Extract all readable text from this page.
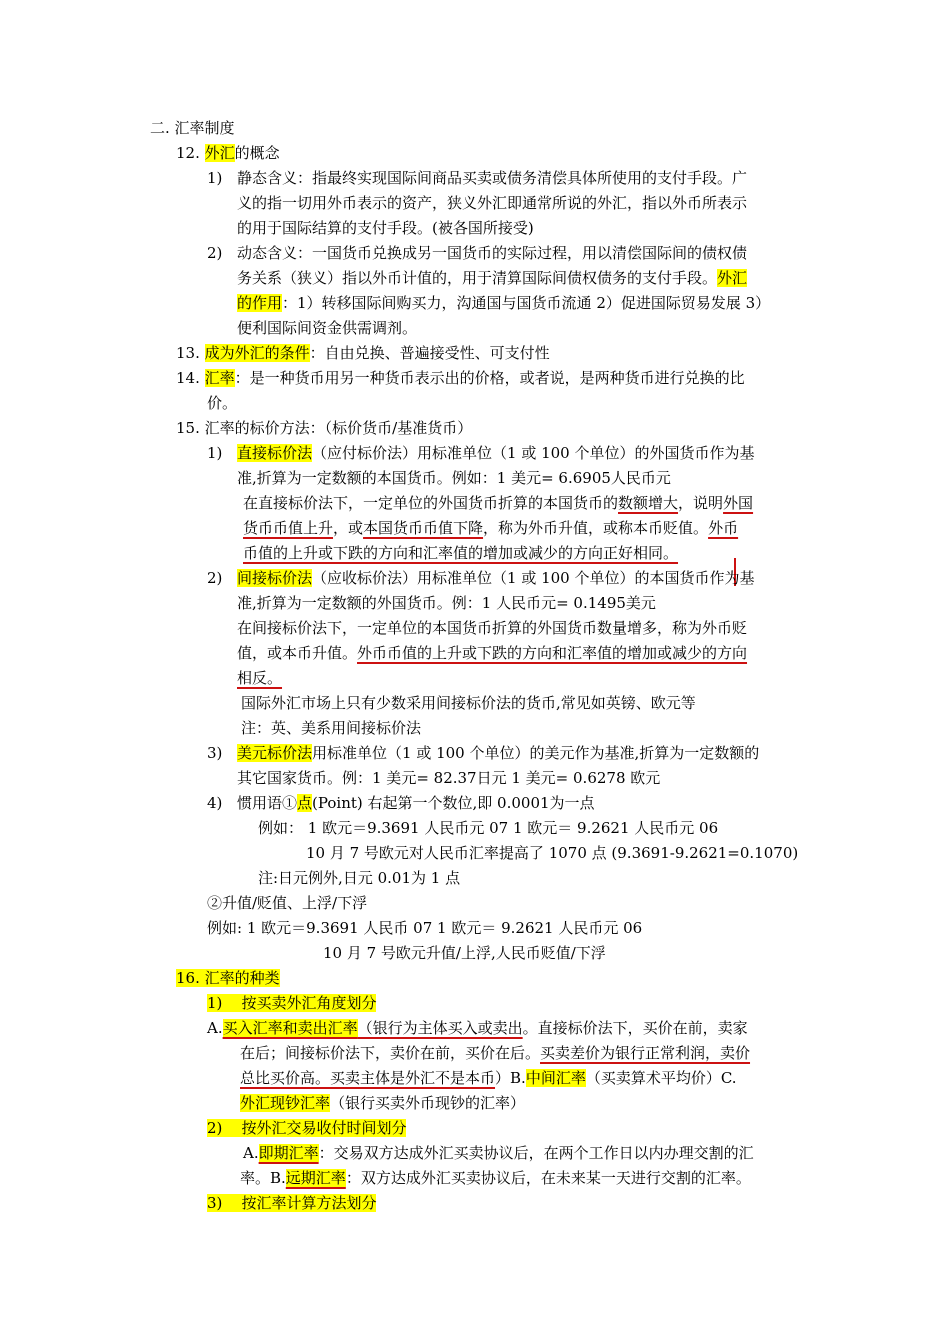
二. 汇率制度
12. 外汇的概念
1) 静态含义：指最终实现国际间商品买卖或债务清偿具体所使用的支付手段。广
义的指一切用外币表示的资产，狭义外汇即通常所说的外汇，指以外币所表示
的用于国际结算的支付手段。(被各国所接受)
2) 动态含义：一国货币兑换成另一国货币的实际过程，用以清偿国际间的债权债
务关系（狭义）指以外币计值的，用于清算国际间债权债务的支付手段。外汇
的作用：1）转移国际间购买力，沟通国与国货币流通 2）促进国际贸易发展 3）
便利国际间资金供需调剂。
13. 成为外汇的条件：自由兑换、普遍接受性、可支付性
14. 汇率：是一种货币用另一种货币表示出的价格，或者说，是两种货币进行兑换的比
价。
15. 汇率的标价方法：（标价货币/基准货币）
1) 直接标价法（应付标价法）用标准单位（1 或 100 个单位）的外国货币作为基
准,折算为一定数额的本国货币。例如：1 美元= 6.6905人民币元
在直接标价法下，一定单位的外国货币折算的本国货币的数额增大，说明外国
货币币值上升，或本国货币币值下降，称为外币升值，或称本币贬值。外币
币值的上升或下跌的方向和汇率值的增加或减少的方向正好相同。
2) 间接标价法（应收标价法）用标准单位（1 或 100 个单位）的本国货币作为基
准,折算为一定数额的外国货币。例：1 人民币元= 0.1495美元
在间接标价法下，一定单位的本国货币折算的外国货币数量增多，称为外币贬
值，或本币升值。外币币值的上升或下跌的方向和汇率值的增加或减少的方向
相反。
国际外汇市场上只有少数采用间接标价法的货币,常见如英镑、欧元等
注：英、美系用间接标价法
3) 美元标价法用标准单位（1 或 100 个单位）的美元作为基准,折算为一定数额的
其它国家货币。例：1 美元= 82.37日元 1 美元= 0.6278 欧元
4) 惯用语①点(Point) 右起第一个数位,即 0.0001为一点
例如： 1 欧元＝9.3691 人民币元 07 1 欧元＝ 9.2621 人民币元 06
10 月 7 号欧元对人民币汇率提高了 1070 点 (9.3691-9.2621=0.1070)
注:日元例外,日元 0.01为 1 点
②升值/贬值、上浮/下浮
例如: 1 欧元＝9.3691 人民币 07 1 欧元＝ 9.2621 人民币元 06
10 月 7 号欧元升值/上浮,人民币贬值/下浮
16. 汇率的种类
1)    按买卖外汇角度划分
A.买入汇率和卖出汇率（银行为主体买入或卖出。直接标价法下，买价在前，卖家
在后；间接标价法下，卖价在前，买价在后。买卖差价为银行正常利润，卖价
总比买价高。买卖主体是外汇不是本币）B.中间汇率（买卖算术平均价）C.
外汇现钞汇率（银行买卖外币现钞的汇率）
2)    按外汇交易收付时间划分
A.即期汇率：交易双方达成外汇买卖协议后，在两个工作日以内办理交割的汇
率。B.远期汇率：双方达成外汇买卖协议后，在未来某一天进行交割的汇率。
3)    按汇率计算方法划分
